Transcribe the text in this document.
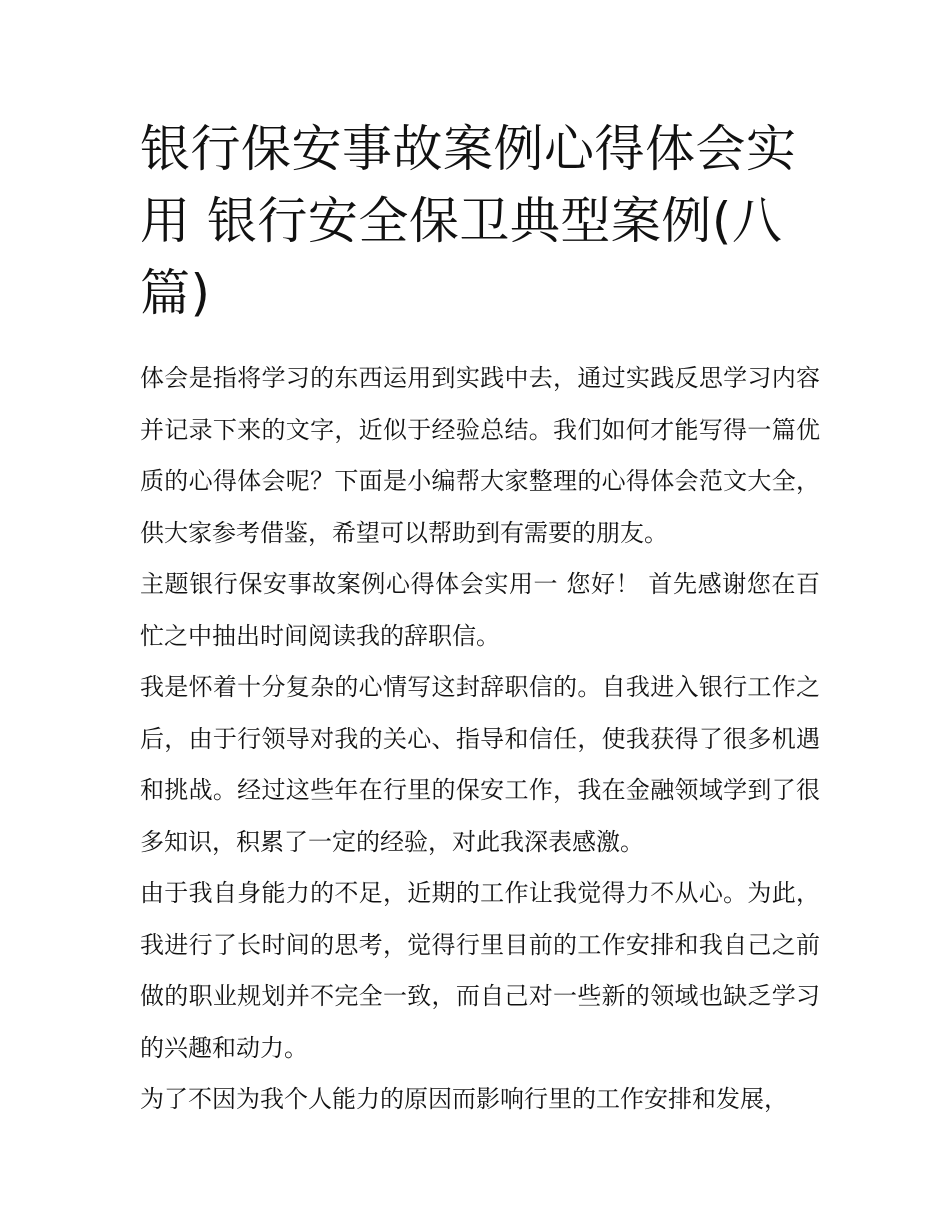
银行保安事故案例心得体会实用 银行安全保卫典型案例(八篇)

体会是指将学习的东西运用到实践中去，通过实践反思学习内容并记录下来的文字，近似于经验总结。我们如何才能写得一篇优质的心得体会呢？下面是小编帮大家整理的心得体会范文大全，供大家参考借鉴，希望可以帮助到有需要的朋友。

主题银行保安事故案例心得体会实用一 您好！ 首先感谢您在百忙之中抽出时间阅读我的辞职信。

我是怀着十分复杂的心情写这封辞职信的。自我进入银行工作之后，由于行领导对我的关心、指导和信任，使我获得了很多机遇和挑战。经过这些年在行里的保安工作，我在金融领域学到了很多知识，积累了一定的经验，对此我深表感激。

由于我自身能力的不足，近期的工作让我觉得力不从心。为此，我进行了长时间的思考，觉得行里目前的工作安排和我自己之前做的职业规划并不完全一致，而自己对一些新的领域也缺乏学习的兴趣和动力。

为了不因为我个人能力的原因而影响行里的工作安排和发展，
